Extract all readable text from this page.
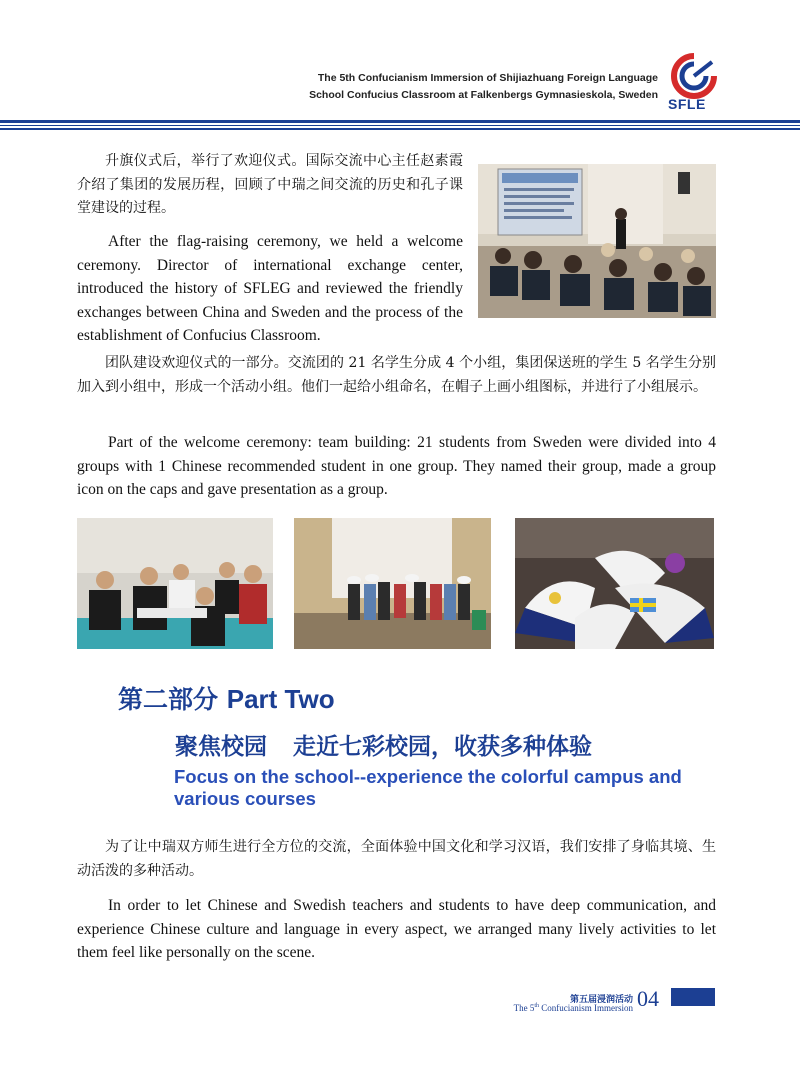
The 5th Confucianism Immersion of Shijiazhuang Foreign Language
School Confucius Classroom at Falkenbergs Gymnasieskola, Sweden
SFLE
升旗仪式后，举行了欢迎仪式。国际交流中心主任赵素霞介绍了集团的发展历程，回顾了中瑞之间交流的历史和孔子课堂建设的过程。
After the flag-raising ceremony, we held a welcome ceremony. Director of international exchange center, introduced the history of SFLEG and reviewed the friendly exchanges between China and Sweden and the process of the establishment of Confucius Classroom.
团队建设欢迎仪式的一部分。交流团的 21 名学生分成 4 个小组，集团保送班的学生 5 名学生分别加入到小组中，形成一个活动小组。他们一起给小组命名，在帽子上画小组图标，并进行了小组展示。
Part of the welcome ceremony: team building: 21 students from Sweden were divided into 4 groups with 1 Chinese recommended student in one group. They named their group, made a group icon on the caps and gave presentation as a group.
第二部分 Part Two
聚焦校园 走近七彩校园，收获多种体验
Focus on the school--experience the colorful campus and various courses
为了让中瑞双方师生进行全方位的交流，全面体验中国文化和学习汉语，我们安排了身临其境、生动活泼的多种活动。
In order to let Chinese and Swedish teachers and students to have deep communication, and experience Chinese culture and language in every aspect, we arranged many lively activities to let them feel like personally on the scene.
第五届浸润活动
The 5th Confucianism Immersion 04
